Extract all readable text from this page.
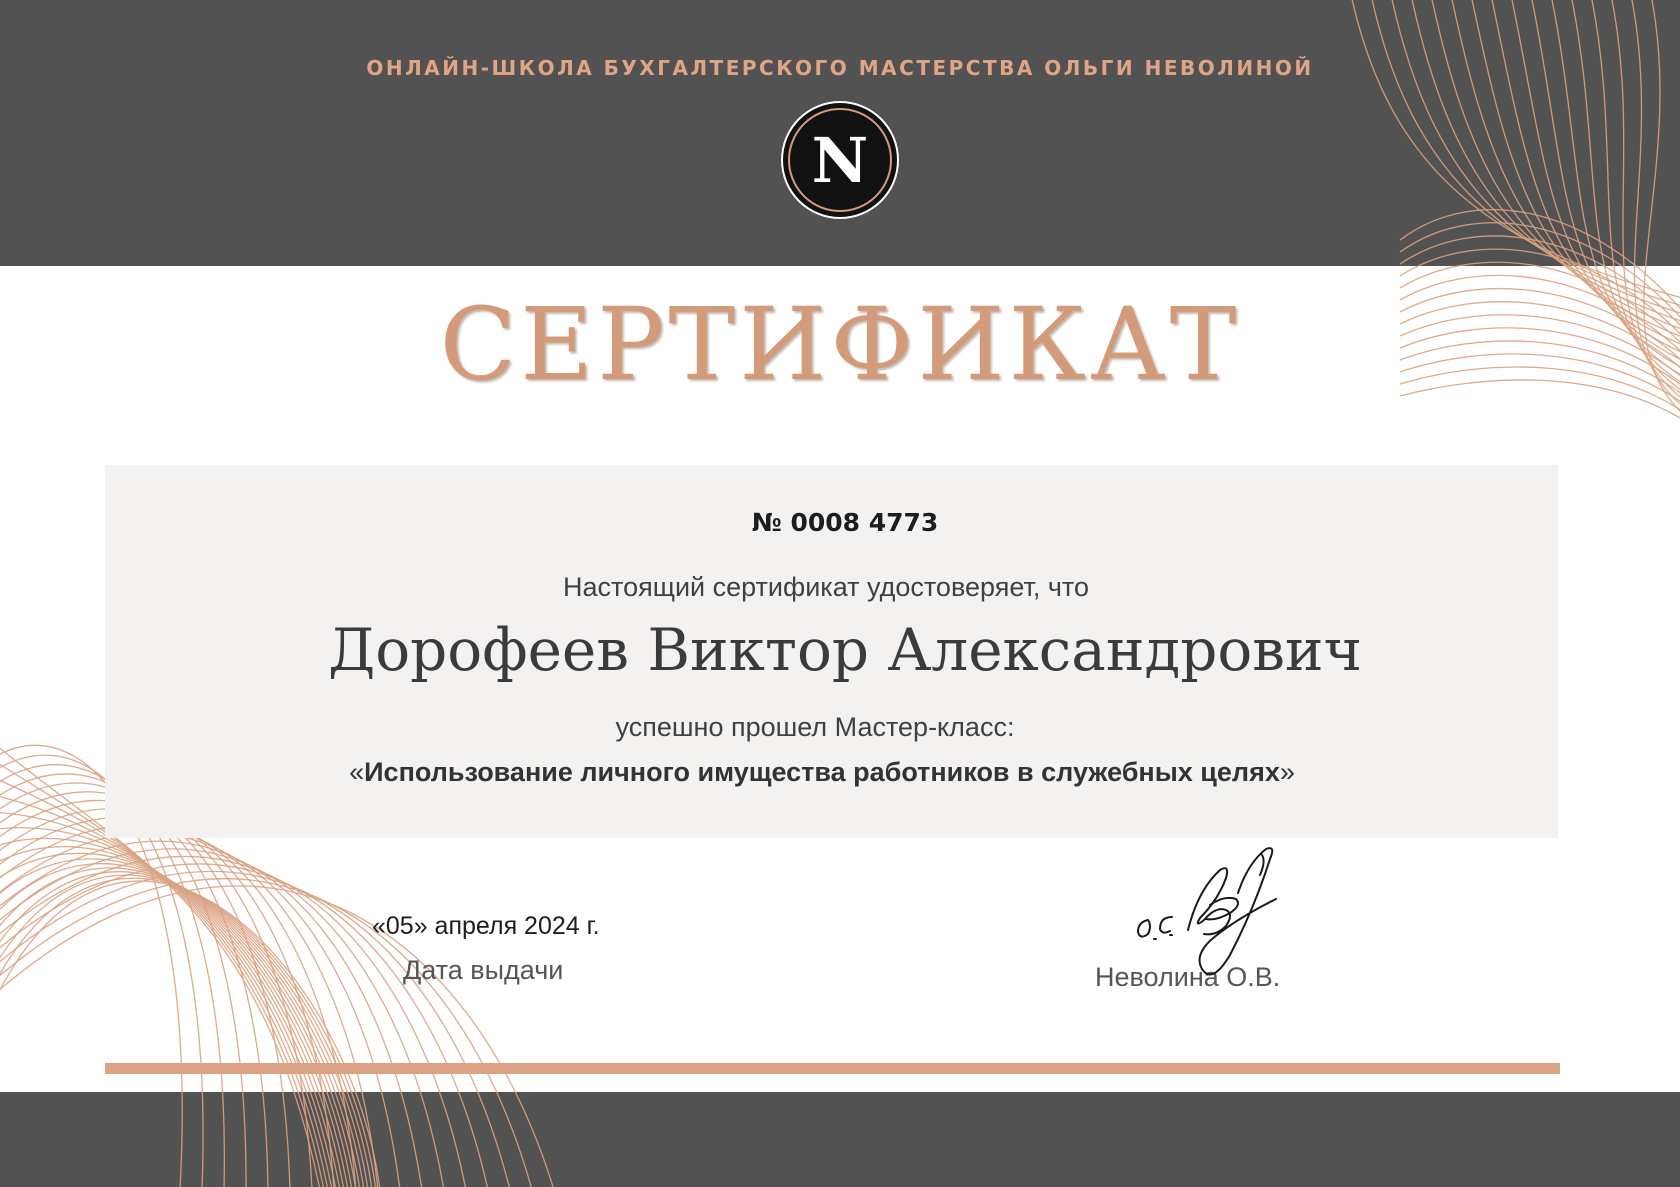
ОНЛАЙН-ШКОЛА БУХГАЛТЕРСКОГО МАСТЕРСТВА ОЛЬГИ НЕВОЛИНОЙ
N
СЕРТИФИКАТ
№ 0008 4773
Настоящий сертификат удостоверяет, что
Дорофеев Виктор Александрович
успешно прошел Мастер-класс:
«Использование личного имущества работников в служебных целях»
«05» апреля 2024 г.
Дата выдачи	Неволина О.В.
